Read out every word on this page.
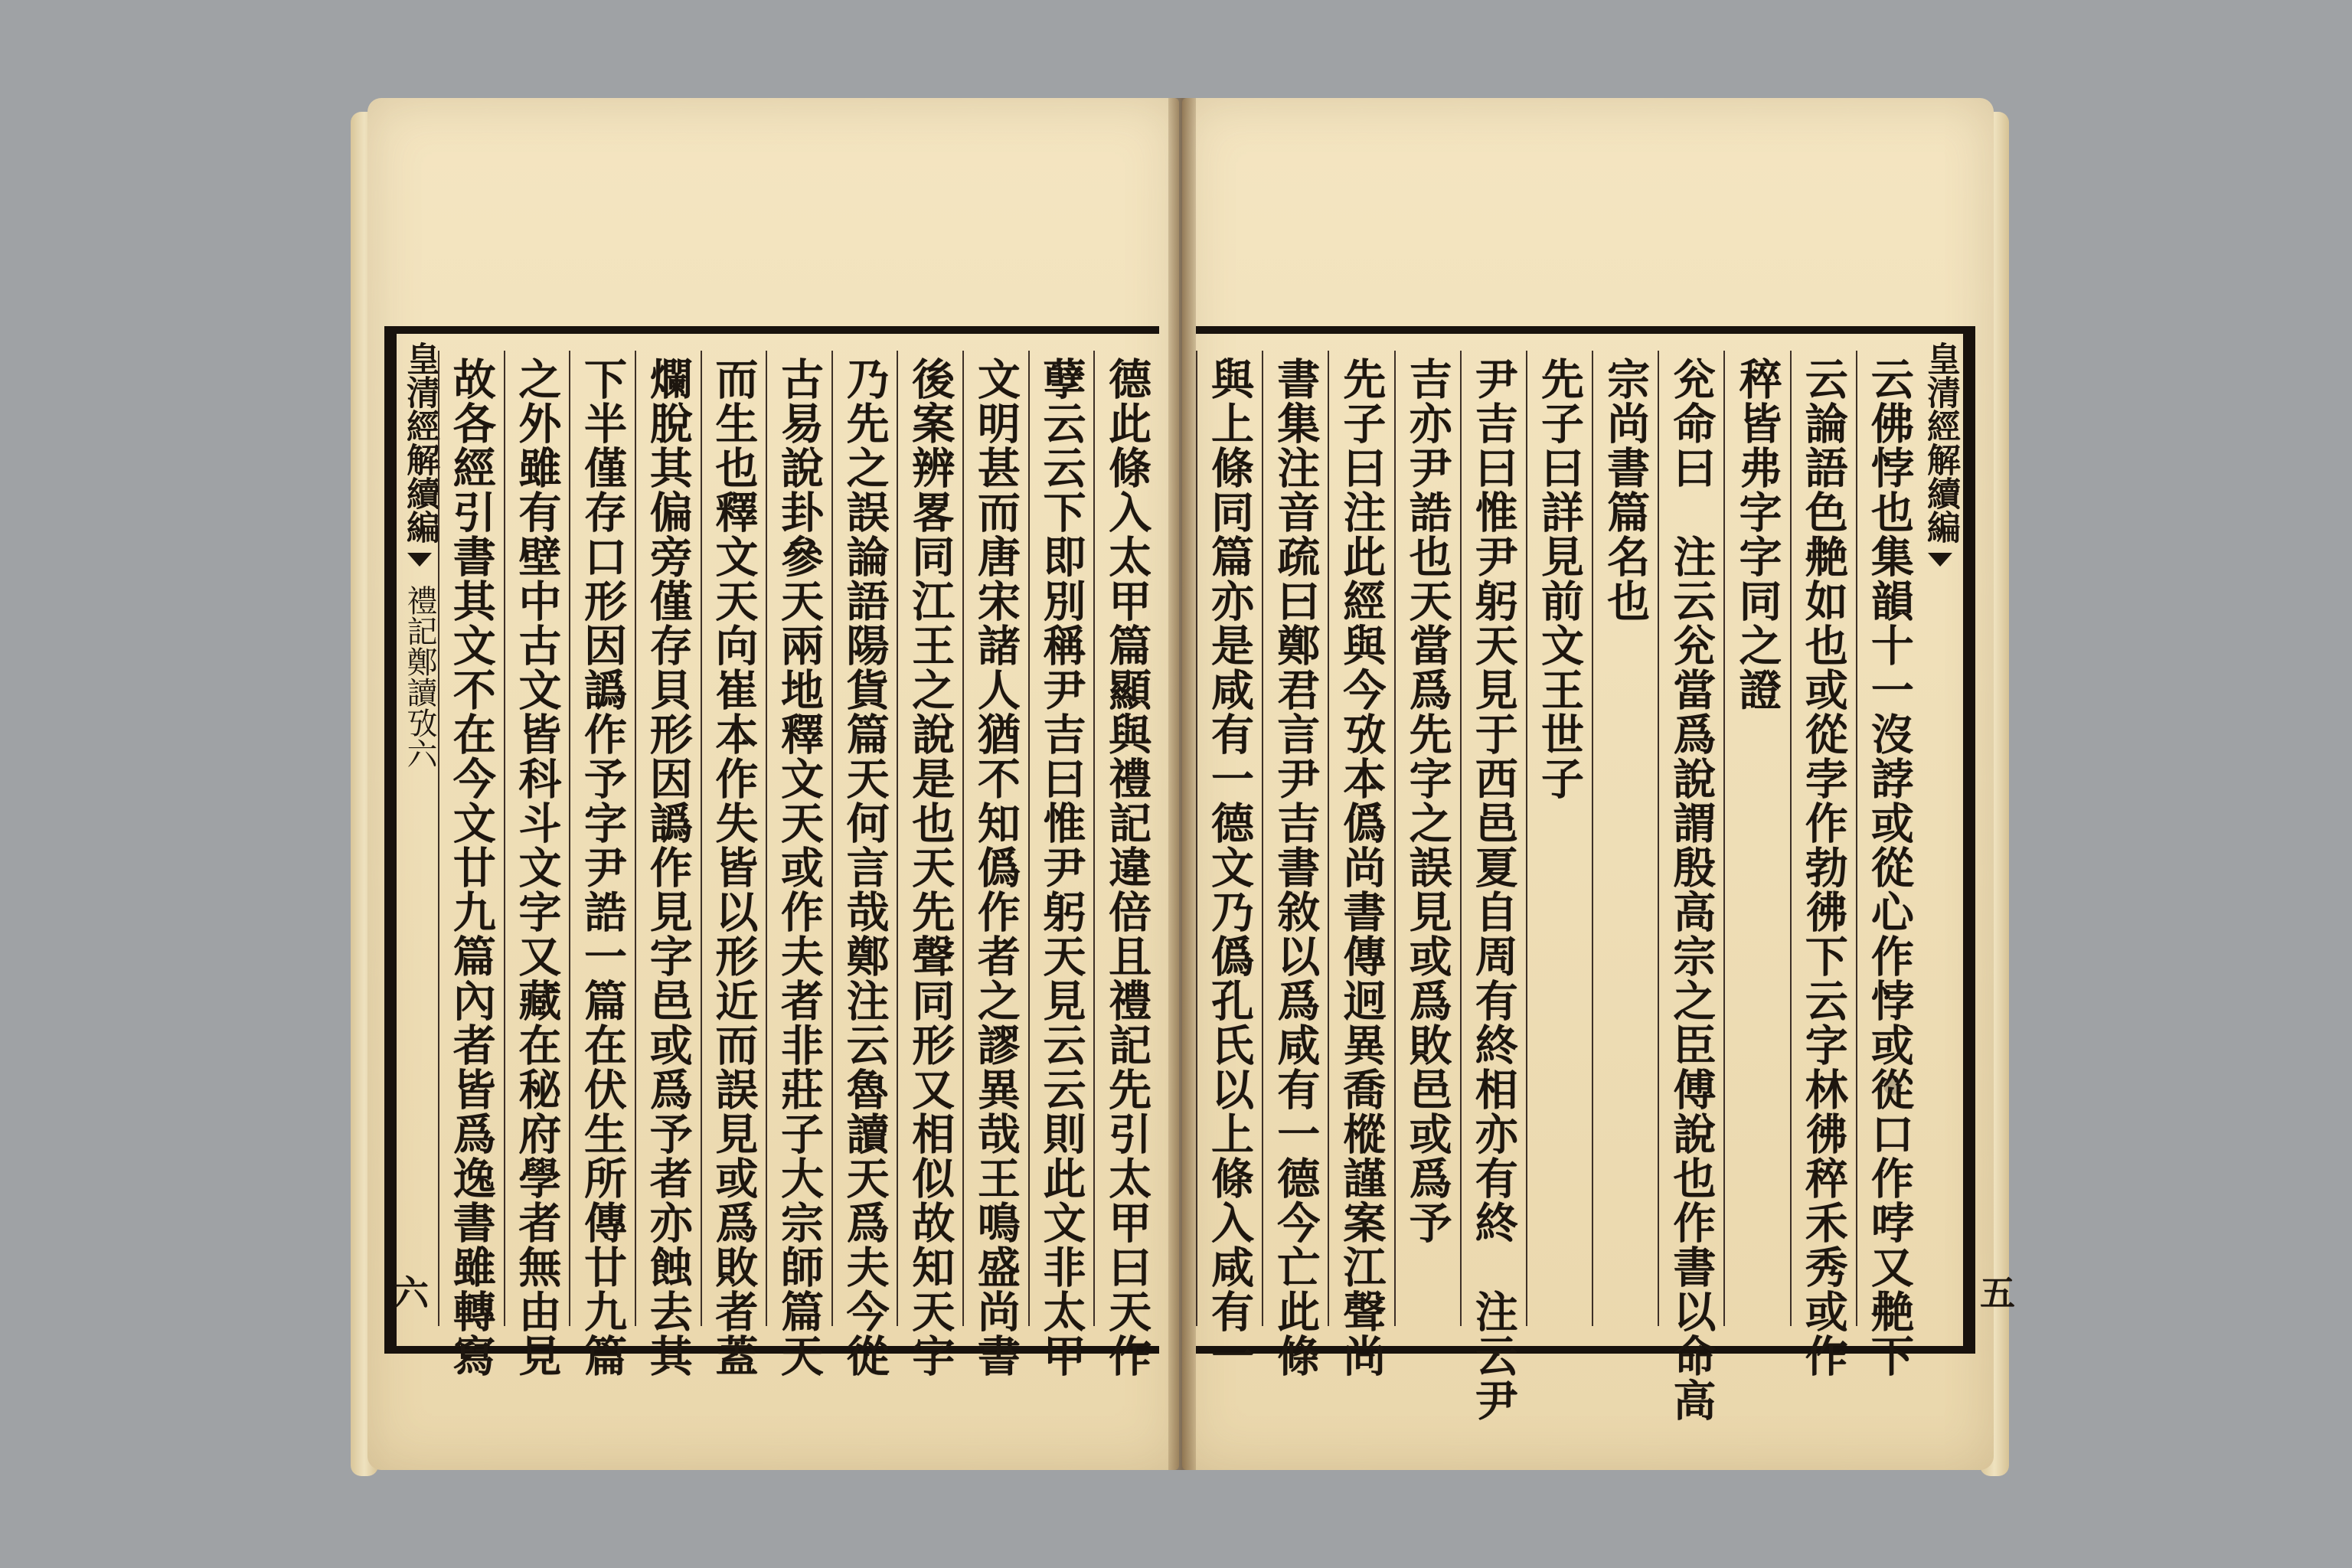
皇清經解續編
禮記鄭讀攷六
六	德此條入太甲篇顯與禮記違倍且禮記先引太甲曰天作
孽云云下即別稱尹吉曰惟尹躬天見云云則此文非太甲
文明甚而唐宋諸人猶不知僞作者之謬異哉王鳴盛尚書
後案辨畧同江王之說是也天先聲同形又相似故知天字
乃先之誤論語陽貨篇天何言哉鄭注云魯讀天爲夫今從
古易說卦參天兩地釋文天或作夫者非莊子大宗師篇天
而生也釋文天向崔本作失皆以形近而誤見或爲敗者蓋
爛脫其偏旁僅存貝形因譌作見字邑或爲予者亦蝕去其
下半僅存口形因譌作予字尹誥一篇在伏生所傳廿九篇
之外雖有壁中古文皆科斗文字又藏在秘府學者無由見
故各經引書其文不在今文廿九篇內者皆爲逸書雖轉寫	皇清經解續編
五
云佛悖也集韻十一沒誖或從心作悖或從口作哱又艴下
云論語色艴如也或從孛作勃彿下云字林彿稡禾秀或作
稡皆弗字字同之證
兊命曰　注云兊當爲說謂殷高宗之臣傅說也作書以命高
宗尚書篇名也
先子曰詳見前文王世子
尹吉曰惟尹躬天見于西邑夏自周有終相亦有終　注云尹
吉亦尹誥也天當爲先字之誤見或爲敗邑或爲予
先子曰注此經與今攷本僞尚書傳迥異喬樅謹案江聲尚
書集注音疏曰鄭君言尹吉書敘以爲咸有一德今亡此條
與上條同篇亦是咸有一德文乃僞孔氏以上條入咸有一
